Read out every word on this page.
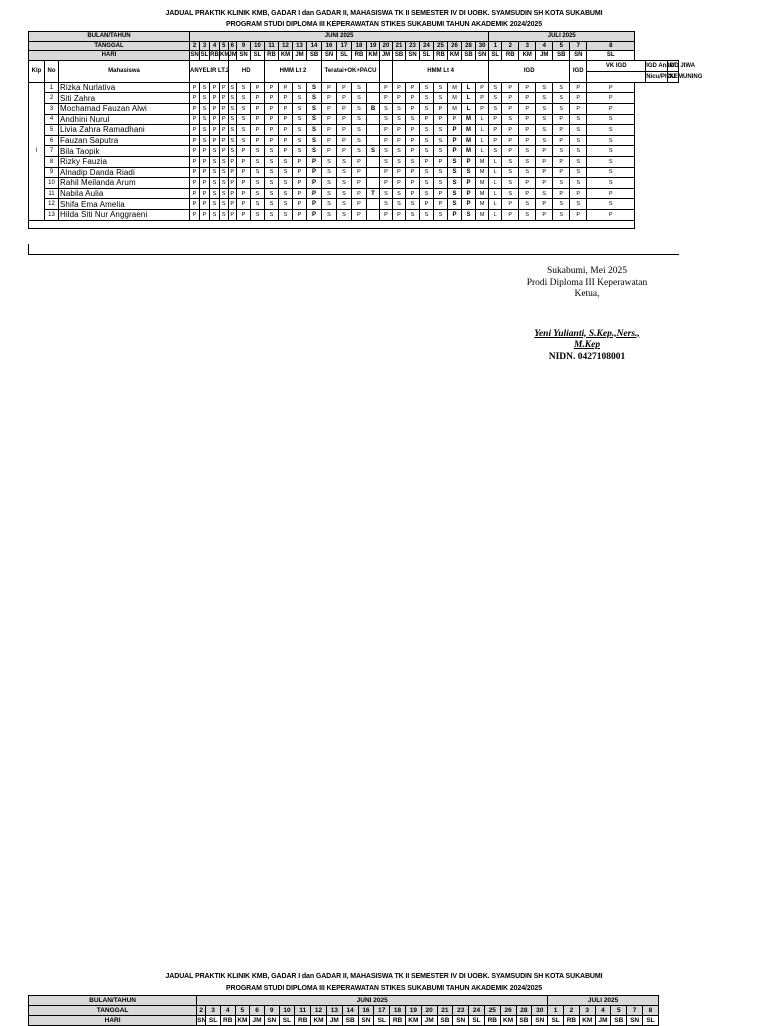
JADUAL PRAKTIK KLINIK KMB, GADAR I dan GADAR II, MAHASISWA TK II SEMESTER IV DI UOBK. SYAMSUDIN SH KOTA SUKABUMI
PROGRAM STUDI DIPLOMA III KEPERAWATAN STIKES SUKABUMI TAHUN AKADEMIK 2024/2025
BULAN/TAHUN			JUNI 2025																							JULI 2025								
TANGGAL			2	3	4	5	6	9	10	11	12	13	14	16	17	18	19	20	21	23	24	25	26	28	30	1	2	3	4	5	7	8		
HARI			SN	SL	RB	KM	JM	SN	SL	RB	KM	JM	SB	SN	SL	RB	KM	JM	SB	SN	SL	RB	KM	SB	SN	SL	RB	KM	JM	SB	SN	SL		
Klp	No	Mahasiswa	ANYELIR LT.2				HD			HMM Lt 2				Teratai+OK+PACU					HMM Lt 4							IGD					IGD	VK IGD	IGD Anak/	IGD JIWA
																																	Nicu/PICU	/KEMUNING
I	1	Rizka Nurlativa	P	S	P	P	S	S	P	P	P	S	S	P	P	S		P	P	P	S	S	M	L	P	S	P	P	S	S	P	P		
	2	Siti Zahra	P	S	P	P	S	S	P	P	P	S	S	P	P	S		P	P	P	S	S	M	L	P	S	P	P	S	S	P	P		
	3	Mochamad Fauzan Alwi	P	S	P	P	S	S	P	P	P	S	S	P	P	S	B	S	S	P	S	P	M	L	P	S	P	P	S	S	P	P		
	4	Andhini Nurul	P	S	P	P	S	S	P	P	P	S	S	P	P	S		S	S	S	P	P	P	M	L	P	S	P	S	P	S	S		
	5	Livia Zahra Ramadhani	P	S	P	P	S	S	P	P	P	S	S	P	P	S		P	P	P	S	S	P	M	L	P	P	P	S	P	S	S		
	6	Fauzan Saputra	P	S	P	P	S	S	P	P	P	S	S	P	P	S		P	P	P	S	S	P	M	L	P	P	P	S	P	S	S		
	7	Bila Taopik	P	P	S	P	S	P	S	S	P	S	S	P	P	S	S	S	S	P	S	S	P	M	L	S	P	S	P	S	S	S		
	8	Rizky Fauzia	P	P	S	S	P	P	S	S	S	P	P	S	S	P		S	S	S	P	P	S	P	M	L	S	S	P	P	S	S		
	9	Alnadip Danda Riadi	P	P	S	S	P	P	S	S	S	P	P	S	S	P		P	P	P	S	S	S	S	M	L	S	S	P	P	S	S		
	10	Rahil Meilanda Arum	P	P	S	S	P	P	S	S	S	P	P	S	S	P		P	P	P	S	S	S	P	M	L	S	P	P	S	S	S		
	11	Nabila Aulia	P	P	S	S	P	P	S	S	S	P	P	S	S	P	T	S	S	P	S	P	S	P	M	L	S	P	S	P	P	P		
	12	Shifa Ema Amelia	P	P	S	S	P	P	S	S	S	P	P	S	S	P		S	S	S	P	P	S	P	M	L	P	S	P	S	S	S		
	13	Hilda Siti Nur Anggraeni	P	P	S	S	P	P	S	S	S	P	P	S	S	P		P	P	S	S	S	P	S	M	L	P	S	P	S	P	P		

Sukabumi, Mei 2025
Prodi Diploma III Keperawatan
Ketua,
Yeni Yulianti, S.Kep.,Ners., M.Kep
NIDN. 0427108001
JADUAL PRAKTIK KLINIK KMB, GADAR I dan GADAR II, MAHASISWA TK II SEMESTER IV DI UOBK. SYAMSUDIN SH KOTA SUKABUMI
PROGRAM STUDI DIPLOMA III KEPERAWATAN STIKES SUKABUMI TAHUN AKADEMIK 2024/2025
BULAN/TAHUN	JUNI 2025																							JULI 2025						
TANGGAL	2	3	4	5	6	9	10	11	12	13	14	16	17	18	19	20	21	23	24	25	26	28	30	1	2	3	4	5	7	8
HARI	SN	SL	RB	KM	JM	SN	SL	RB	KM	JM	SB	SN	SL	RB	KM	JM	SB	SN	SL	RB	KM	SB	SN	SL	RB	KM	JM	SB	SN	SL
